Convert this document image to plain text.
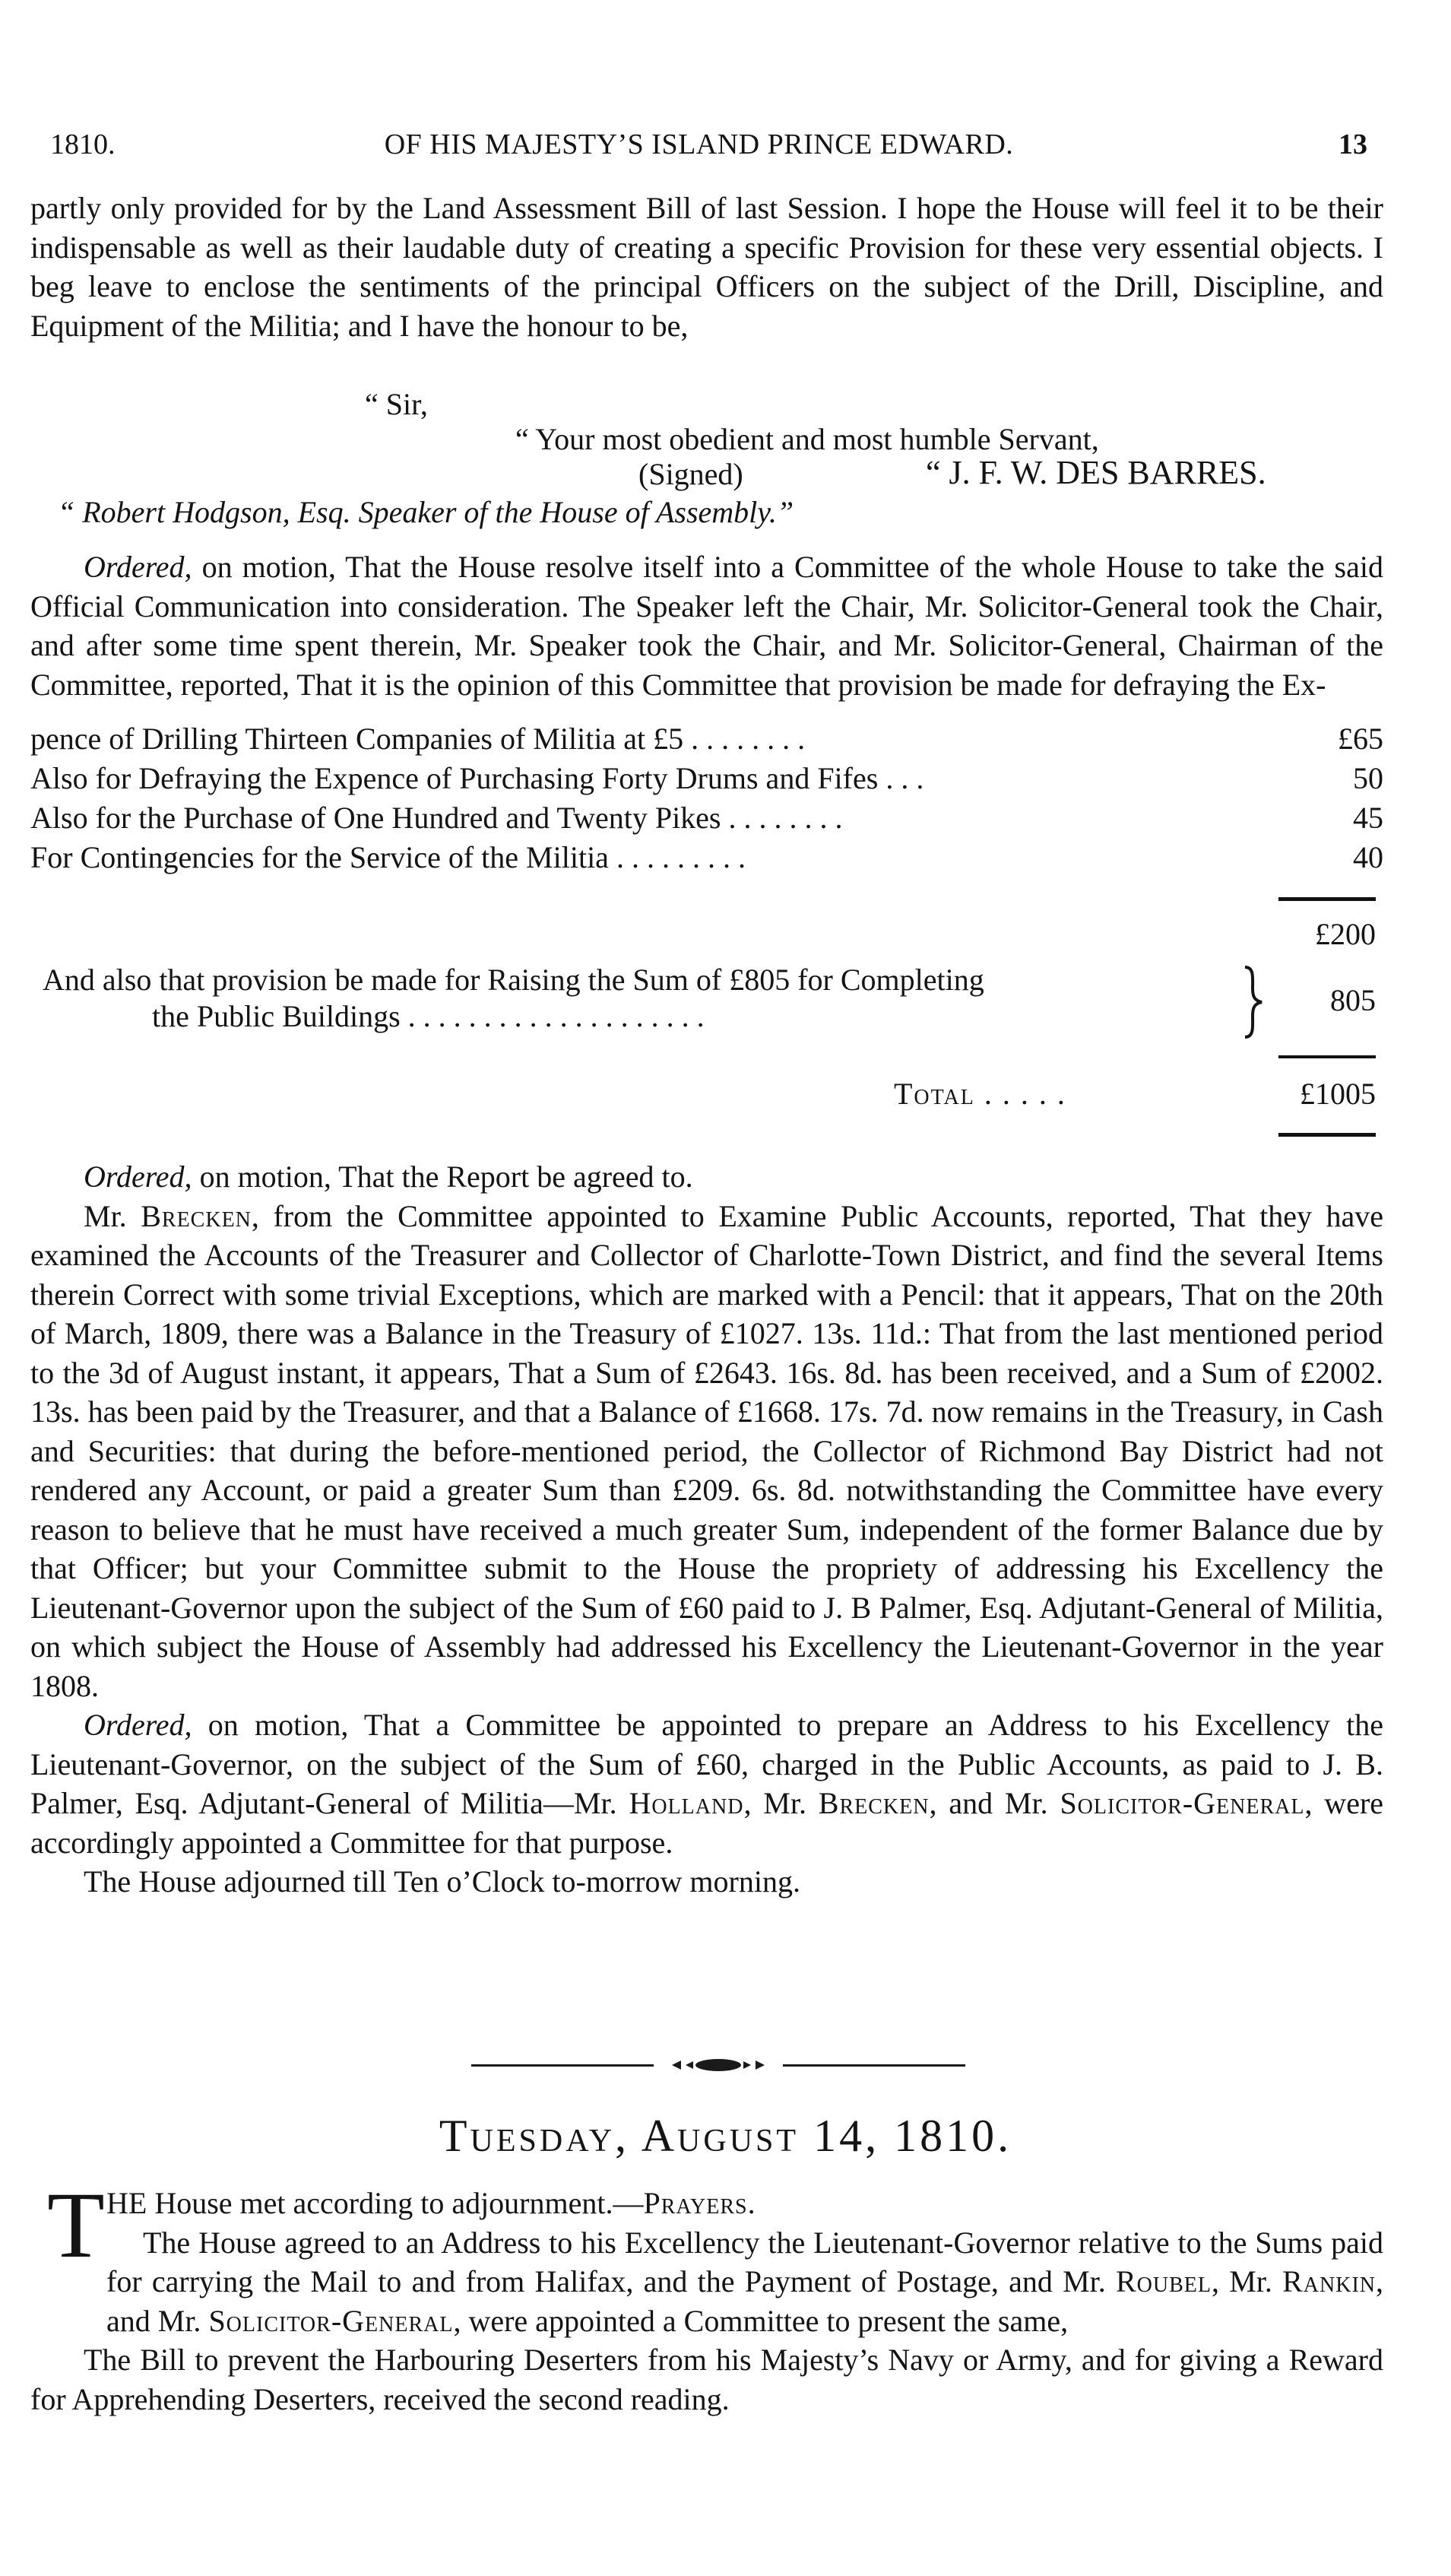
1810.	OF HIS MAJESTY’S ISLAND PRINCE EDWARD.	13

partly only provided for by the Land Assessment Bill of last Session. I hope the House will feel it to be their indispensable as well as their laudable duty of creating a specific Provision for these very essential objects. I beg leave to enclose the sentiments of the principal Officers on the subject of the Drill, Discipline, and Equipment of the Militia; and I have the honour to be,

“ Sir,
“ Your most obedient and most humble Servant,
(Signed)	“ J. F. W. DES BARRES.
“ Robert Hodgson, Esq. Speaker of the House of Assembly.”

Ordered, on motion, That the House resolve itself into a Committee of the whole House to take the said Official Communication into consideration. The Speaker left the Chair, Mr. Solicitor-General took the Chair, and after some time spent therein, Mr. Speaker took the Chair, and Mr. Solicitor-General, Chairman of the Committee, reported, That it is the opinion of this Committee that provision be made for defraying the Ex-

pence of Drilling Thirteen Companies of Militia at £5 . . . . . . . .	£65
Also for Defraying the Expence of Purchasing Forty Drums and Fifes . . .	50
Also for the Purchase of One Hundred and Twenty Pikes . . . . . . . .	45
For Contingencies for the Service of the Militia . . . . . . . . .	40
£200
And also that provision be made for Raising the Sum of £805 for Completing
the Public Buildings . . . . . . . . . . . . . . . . . . . .	805
Total . . . . .	£1005

Ordered, on motion, That the Report be agreed to.

Mr. Brecken, from the Committee appointed to Examine Public Accounts, reported, That they have examined the Accounts of the Treasurer and Collector of Charlotte-Town District, and find the several Items therein Correct with some trivial Exceptions, which are marked with a Pencil: that it appears, That on the 20th of March, 1809, there was a Balance in the Treasury of £1027. 13s. 11d.: That from the last mentioned period to the 3d of August instant, it appears, That a Sum of £2643. 16s. 8d. has been received, and a Sum of £2002. 13s. has been paid by the Treasurer, and that a Balance of £1668. 17s. 7d. now remains in the Treasury, in Cash and Securities: that during the before-mentioned period, the Collector of Richmond Bay District had not rendered any Account, or paid a greater Sum than £209. 6s. 8d. notwithstanding the Committee have every reason to believe that he must have received a much greater Sum, independent of the former Balance due by that Officer; but your Committee submit to the House the propriety of addressing his Excellency the Lieutenant-Governor upon the subject of the Sum of £60 paid to J. B Palmer, Esq. Adjutant-General of Militia, on which subject the House of Assembly had addressed his Excellency the Lieutenant-Governor in the year 1808.

Ordered, on motion, That a Committee be appointed to prepare an Address to his Excellency the Lieutenant-Governor, on the subject of the Sum of £60, charged in the Public Accounts, as paid to J. B. Palmer, Esq. Adjutant-General of Militia—Mr. Holland, Mr. Brecken, and Mr. Solicitor-General, were accordingly appointed a Committee for that purpose.

The House adjourned till Ten o’Clock to-morrow morning.

Tuesday, August 14, 1810.
T HE House met according to adjournment.—Prayers.

The House agreed to an Address to his Excellency the Lieutenant-Governor relative to the Sums paid for carrying the Mail to and from Halifax, and the Payment of Postage, and Mr. Roubel, Mr. Rankin, and Mr. Solicitor-General, were appointed a Committee to present the same,

The Bill to prevent the Harbouring Deserters from his Majesty’s Navy or Army, and for giving a Reward for Apprehending Deserters, received the second reading.
